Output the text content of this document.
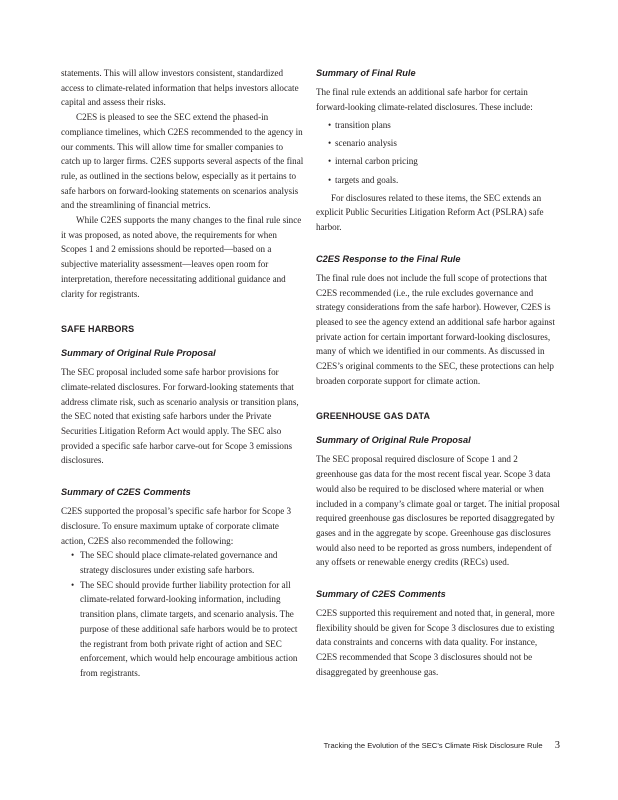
statements. This will allow investors consistent, standardized access to climate-related information that helps investors allocate capital and assess their risks.

C2ES is pleased to see the SEC extend the phased-in compliance timelines, which C2ES recommended to the agency in our comments. This will allow time for smaller companies to catch up to larger firms. C2ES supports several aspects of the final rule, as outlined in the sections below, especially as it pertains to safe harbors on forward-looking statements on scenarios analysis and the streamlining of financial metrics.

While C2ES supports the many changes to the final rule since it was proposed, as noted above, the requirements for when Scopes 1 and 2 emissions should be reported—based on a subjective materiality assessment—leaves open room for interpretation, therefore necessitating additional guidance and clarity for registrants.

SAFE HARBORS
Summary of Original Rule Proposal

The SEC proposal included some safe harbor provisions for climate-related disclosures. For forward-looking statements that address climate risk, such as scenario analysis or transition plans, the SEC noted that existing safe harbors under the Private Securities Litigation Reform Act would apply. The SEC also provided a specific safe harbor carve-out for Scope 3 emissions disclosures.

Summary of C2ES Comments

C2ES supported the proposal’s specific safe harbor for Scope 3 disclosure. To ensure maximum uptake of corporate climate action, C2ES also recommended the following:

• The SEC should place climate-related governance and strategy disclosures under existing safe harbors.
• The SEC should provide further liability protection for all climate-related forward-looking information, including transition plans, climate targets, and scenario analysis. The purpose of these additional safe harbors would be to protect the registrant from both private right of action and SEC enforcement, which would help encourage ambitious action from registrants.
Summary of Final Rule

The final rule extends an additional safe harbor for certain forward-looking climate-related disclosures. These include:

• transition plans
• scenario analysis
• internal carbon pricing
• targets and goals.

For disclosures related to these items, the SEC extends an explicit Public Securities Litigation Reform Act (PSLRA) safe harbor.

C2ES Response to the Final Rule

The final rule does not include the full scope of protections that C2ES recommended (i.e., the rule excludes governance and strategy considerations from the safe harbor). However, C2ES is pleased to see the agency extend an additional safe harbor against private action for certain important forward-looking disclosures, many of which we identified in our comments. As discussed in C2ES’s original comments to the SEC, these protections can help broaden corporate support for climate action.

GREENHOUSE GAS DATA
Summary of Original Rule Proposal

The SEC proposal required disclosure of Scope 1 and 2 greenhouse gas data for the most recent fiscal year. Scope 3 data would also be required to be disclosed where material or when included in a company’s climate goal or target. The initial proposal required greenhouse gas disclosures be reported disaggregated by gases and in the aggregate by scope. Greenhouse gas disclosures would also need to be reported as gross numbers, independent of any offsets or renewable energy credits (RECs) used.

Summary of C2ES Comments

C2ES supported this requirement and noted that, in general, more flexibility should be given for Scope 3 disclosures due to existing data constraints and concerns with data quality. For instance, C2ES recommended that Scope 3 disclosures should not be disaggregated by greenhouse gas.

Tracking the Evolution of the SEC’s Climate Risk Disclosure Rule 3
